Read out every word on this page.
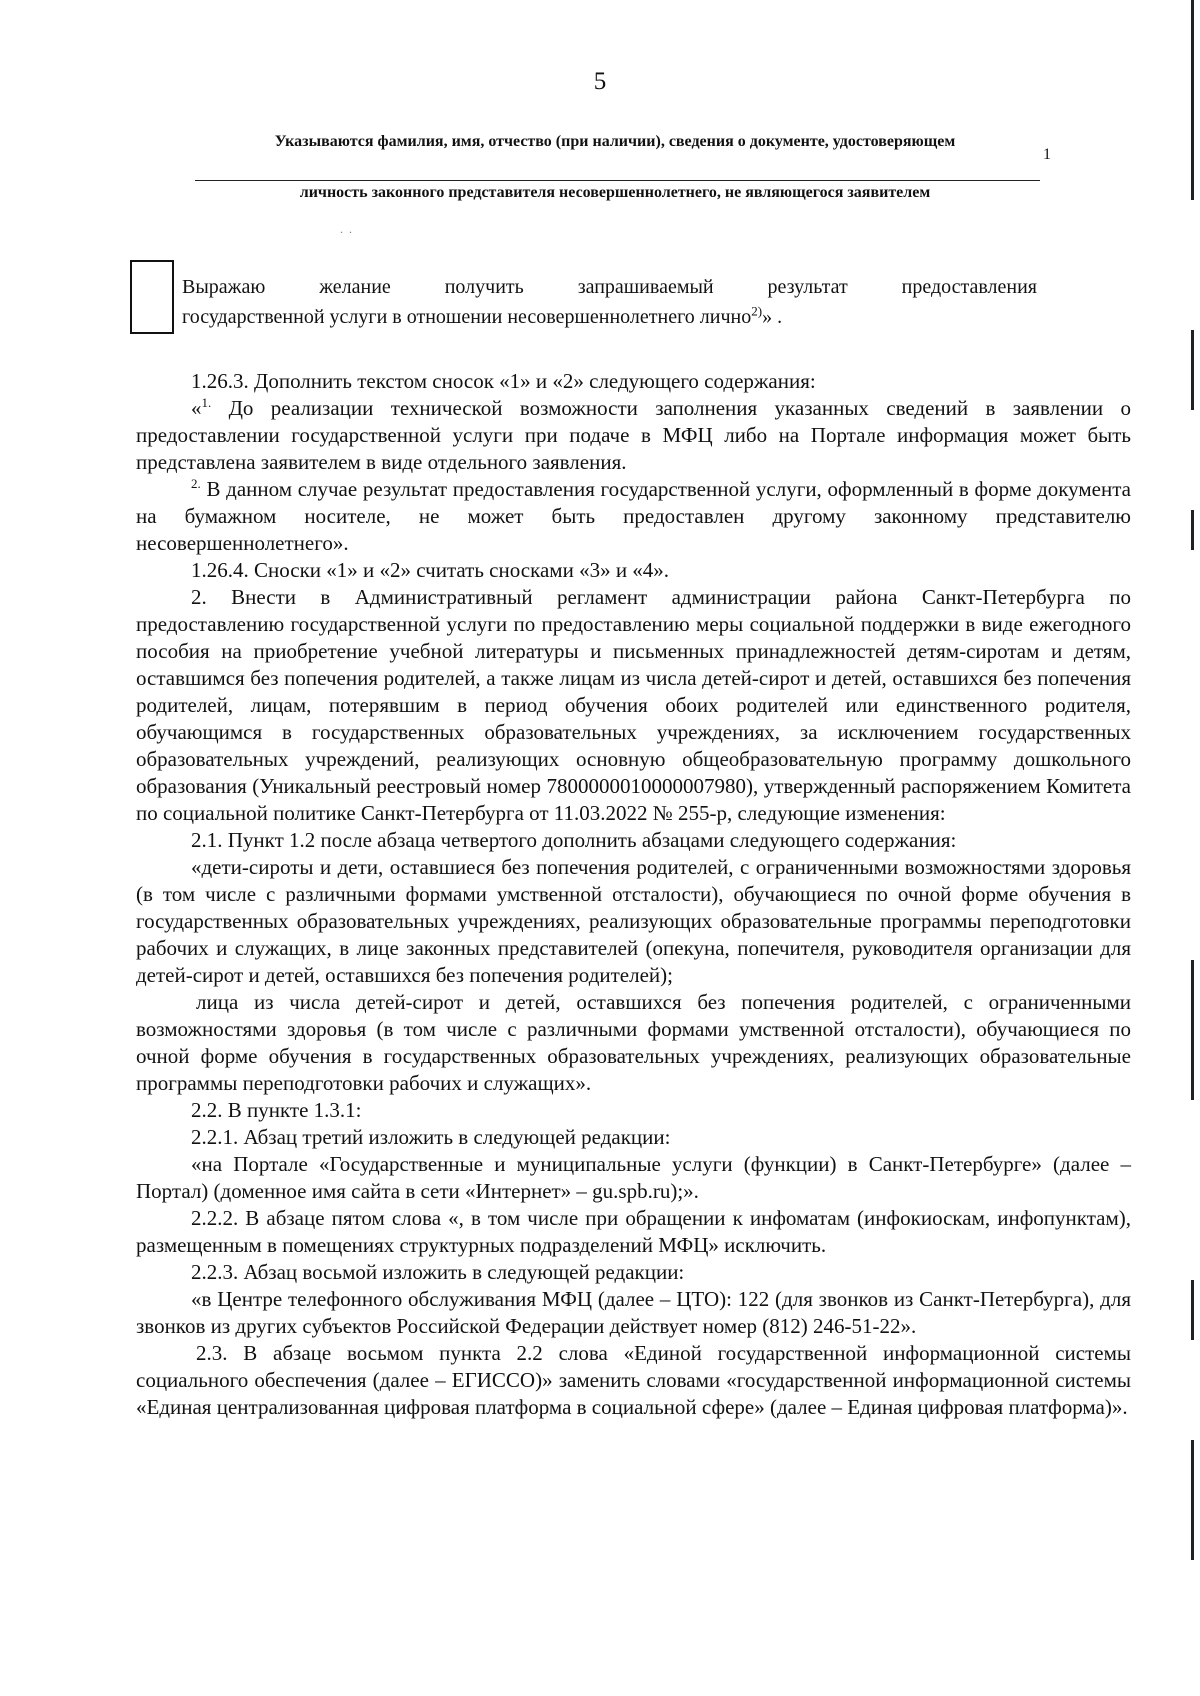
5
Указываются фамилия, имя, отчество (при наличии), сведения о документе, удостоверяющем
1
личность законного представителя несовершеннолетнего, не являющегося заявителем
.  .
Выражаю желание получить запрашиваемый результат предоставления
государственной услуги в отношении несовершеннолетнего лично$^{2)}$» .

1.26.3. Дополнить текстом сносок «1» и «2» следующего содержания:

«$^{1.}$ До реализации технической возможности заполнения указанных сведений в заявлении о предоставлении государственной услуги при подаче в МФЦ либо на Портале информация может быть представлена заявителем в виде отдельного заявления.

$^{2.}$ В данном случае результат предоставления государственной услуги, оформленный в форме документа на бумажном носителе, не может быть предоставлен другому законному представителю несовершеннолетнего».

1.26.4. Сноски «1» и «2» считать сносками «3» и «4».

2. Внести в Административный регламент администрации района Санкт-Петербурга по предоставлению государственной услуги по предоставлению меры социальной поддержки в виде ежегодного пособия на приобретение учебной литературы и письменных принадлежностей детям-сиротам и детям, оставшимся без попечения родителей, а также лицам из числа детей-сирот и детей, оставшихся без попечения родителей, лицам, потерявшим в период обучения обоих родителей или единственного родителя, обучающимся в государственных образовательных учреждениях, за исключением государственных образовательных учреждений, реализующих основную общеобразовательную программу дошкольного образования (Уникальный реестровый номер 7800000010000007980), утвержденный распоряжением Комитета по социальной политике Санкт-Петербурга от 11.03.2022 № 255-р, следующие изменения:

2.1. Пункт 1.2 после абзаца четвертого дополнить абзацами следующего содержания:

«дети-сироты и дети, оставшиеся без попечения родителей, с ограниченными возможностями здоровья (в том числе с различными формами умственной отсталости), обучающиеся по очной форме обучения в государственных образовательных учреждениях, реализующих образовательные программы переподготовки рабочих и служащих, в лице законных представителей (опекуна, попечителя, руководителя организации для детей-сирот и детей, оставшихся без попечения родителей);

лица из числа детей-сирот и детей, оставшихся без попечения родителей, с ограниченными возможностями здоровья (в том числе с различными формами умственной отсталости), обучающиеся по очной форме обучения в государственных образовательных учреждениях, реализующих образовательные программы переподготовки рабочих и служащих».

2.2. В пункте 1.3.1:

2.2.1. Абзац третий изложить в следующей редакции:

«на Портале «Государственные и муниципальные услуги (функции) в Санкт-Петербурге» (далее – Портал) (доменное имя сайта в сети «Интернет» – gu.spb.ru);».

2.2.2. В абзаце пятом слова «, в том числе при обращении к инфоматам (инфокиоскам, инфопунктам), размещенным в помещениях структурных подразделений МФЦ» исключить.

2.2.3. Абзац восьмой изложить в следующей редакции:

«в Центре телефонного обслуживания МФЦ (далее – ЦТО): 122 (для звонков из Санкт-Петербурга), для звонков из других субъектов Российской Федерации действует номер (812) 246-51-22».

2.3. В абзаце восьмом пункта 2.2 слова «Единой государственной информационной системы социального обеспечения (далее – ЕГИССО)» заменить словами «государственной информационной системы «Единая централизованная цифровая платформа в социальной сфере» (далее – Единая цифровая платформа)».
